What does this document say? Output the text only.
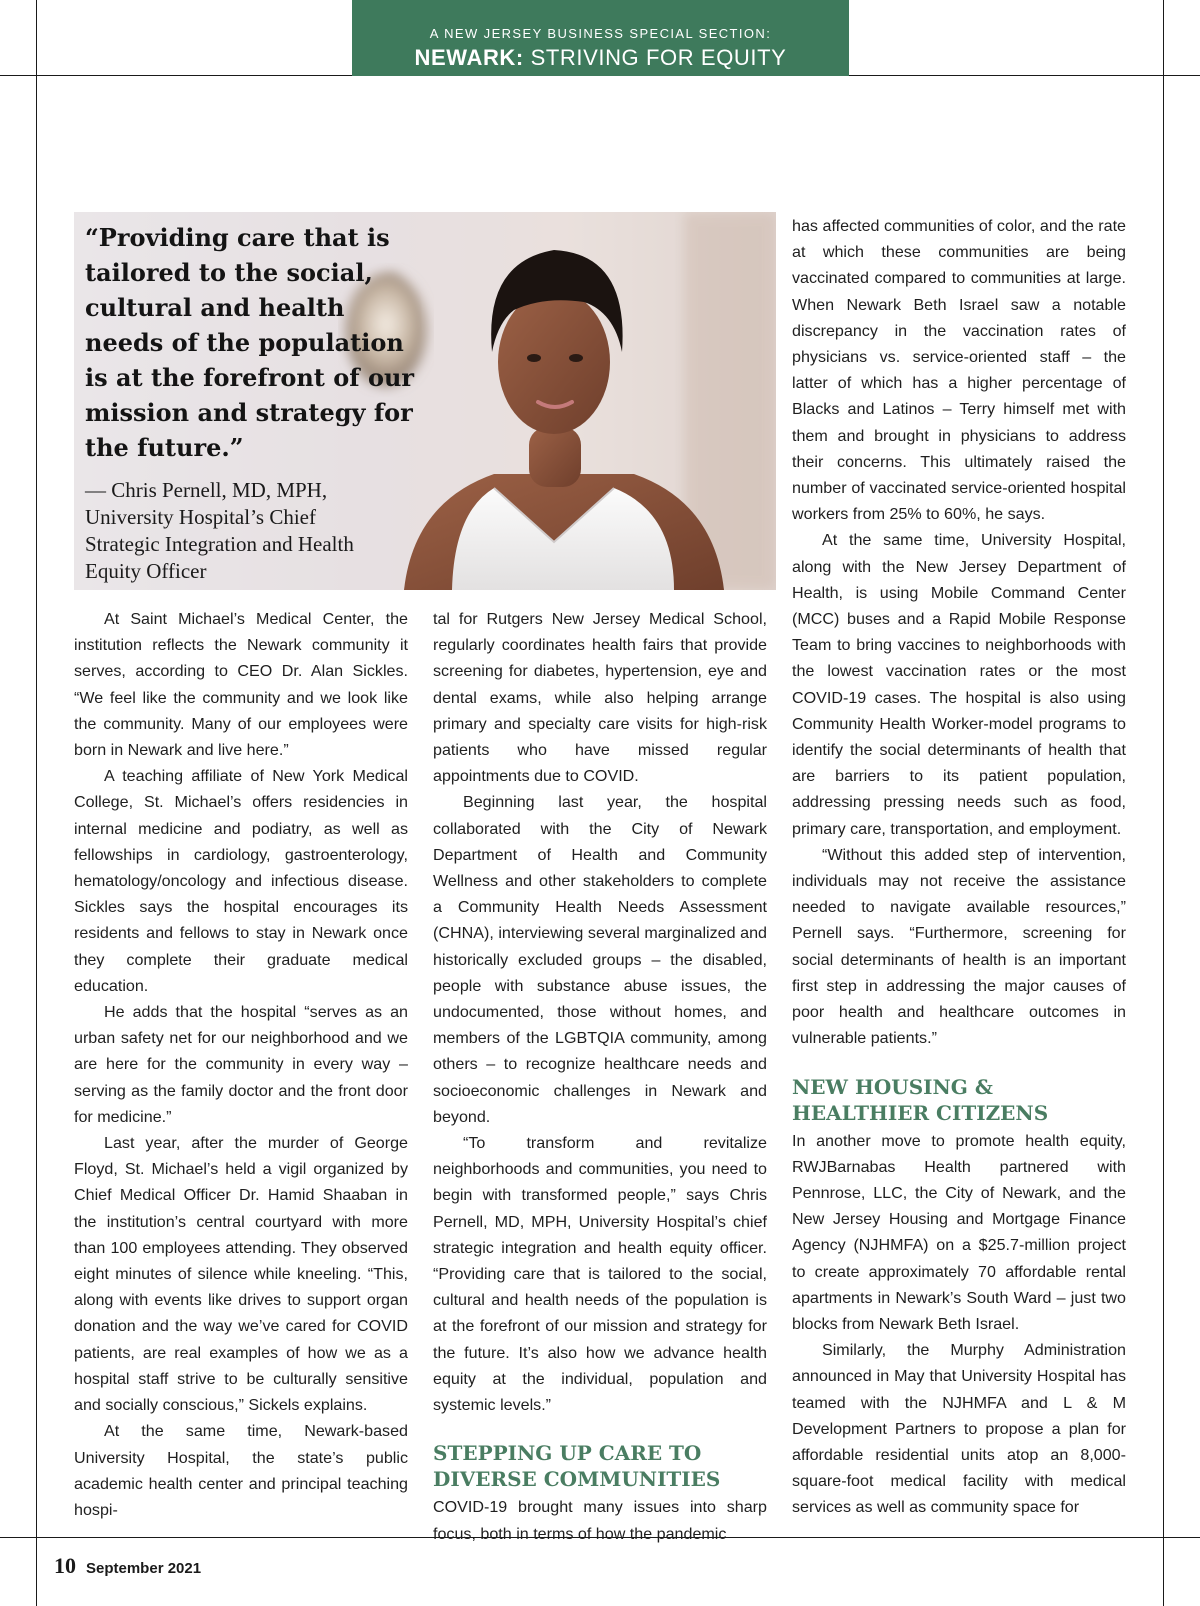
A NEW JERSEY BUSINESS SPECIAL SECTION:
NEWARK: STRIVING FOR EQUITY
“Providing care that is tailored to the social, cultural and health needs of the population is at the forefront of our mission and strategy for the future.”
— Chris Pernell, MD, MPH, University Hospital’s Chief Strategic Integration and Health Equity Officer

At Saint Michael’s Medical Center, the institution reflects the Newark community it serves, according to CEO Dr. Alan Sickles. “We feel like the community and we look like the community. Many of our employees were born in Newark and live here.”

A teaching affiliate of New York Medical College, St. Michael’s offers residencies in internal medicine and podiatry, as well as fellowships in cardiology, gastroenterology, hematology/oncology and infectious disease. Sickles says the hospital encourages its residents and fellows to stay in Newark once they complete their graduate medical education.

He adds that the hospital “serves as an urban safety net for our neighborhood and we are here for the community in every way – serving as the family doctor and the front door for medicine.”

Last year, after the murder of George Floyd, St. Michael’s held a vigil organized by Chief Medical Officer Dr. Hamid Shaaban in the institution’s central courtyard with more than 100 employees attending. They observed eight minutes of silence while kneeling. “This, along with events like drives to support organ donation and the way we’ve cared for COVID patients, are real examples of how we as a hospital staff strive to be culturally sensitive and socially conscious,” Sickels explains.

At the same time, Newark-based University Hospital, the state’s public academic health center and principal teaching hospi-

tal for Rutgers New Jersey Medical School, regularly coordinates health fairs that provide screening for diabetes, hypertension, eye and dental exams, while also helping arrange primary and specialty care visits for high-risk patients who have missed regular appointments due to COVID.

Beginning last year, the hospital collaborated with the City of Newark Department of Health and Community Wellness and other stakeholders to complete a Community Health Needs Assessment (CHNA), interviewing several marginalized and historically excluded groups – the disabled, people with substance abuse issues, the undocumented, those without homes, and members of the LGBTQIA community, among others – to recognize healthcare needs and socioeconomic challenges in Newark and beyond.

“To transform and revitalize neighborhoods and communities, you need to begin with transformed people,” says Chris Pernell, MD, MPH, University Hospital’s chief strategic integration and health equity officer. “Providing care that is tailored to the social, cultural and health needs of the population is at the forefront of our mission and strategy for the future. It’s also how we advance health equity at the individual, population and systemic levels.”

STEPPING UP CARE TO DIVERSE COMMUNITIES

COVID-19 brought many issues into sharp focus, both in terms of how the pandemic

has affected communities of color, and the rate at which these communities are being vaccinated compared to communities at large. When Newark Beth Israel saw a notable discrepancy in the vaccination rates of physicians vs. service-oriented staff – the latter of which has a higher percentage of Blacks and Latinos – Terry himself met with them and brought in physicians to address their concerns. This ultimately raised the number of vaccinated service-oriented hospital workers from 25% to 60%, he says.

At the same time, University Hospital, along with the New Jersey Department of Health, is using Mobile Command Center (MCC) buses and a Rapid Mobile Response Team to bring vaccines to neighborhoods with the lowest vaccination rates or the most COVID-19 cases. The hospital is also using Community Health Worker-model programs to identify the social determinants of health that are barriers to its patient population, addressing pressing needs such as food, primary care, transportation, and employment.

“Without this added step of intervention, individuals may not receive the assistance needed to navigate available resources,” Pernell says. “Furthermore, screening for social determinants of health is an important first step in addressing the major causes of poor health and healthcare outcomes in vulnerable patients.”

NEW HOUSING & HEALTHIER CITIZENS

In another move to promote health equity, RWJBarnabas Health partnered with Pennrose, LLC, the City of Newark, and the New Jersey Housing and Mortgage Finance Agency (NJHMFA) on a $25.7-million project to create approximately 70 affordable rental apartments in Newark’s South Ward – just two blocks from Newark Beth Israel.

Similarly, the Murphy Administration announced in May that University Hospital has teamed with the NJHMFA and L & M Development Partners to propose a plan for affordable residential units atop an 8,000-square-foot medical facility with medical services as well as community space for

10 September 2021
